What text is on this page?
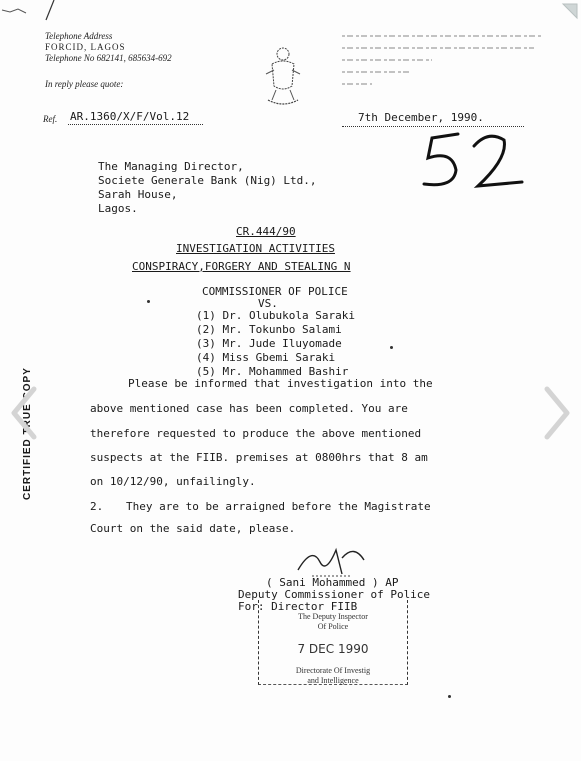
Telephone Address
FORCID, LAGOS
Telephone No 682141, 685634-692
In reply please quote:
Ref. AR.1360/X/F/Vol.12	7th December, 1990.
The Managing Director,
Societe Generale Bank (Nig) Ltd.,
Sarah House,
Lagos.
CR.444/90
INVESTIGATION ACTIVITIES
CONSPIRACY,FORGERY AND STEALING N
COMMISSIONER OF POLICE
VS.
(1) Dr. Olubukola Saraki
(2) Mr. Tokunbo Salami
(3) Mr. Jude Iluyomade
(4) Miss Gbemi Saraki
(5) Mr. Mohammed Bashir
Please be informed that investigation into the
above mentioned case has been completed. You are
therefore requested to produce the above mentioned
suspects at the FIIB. premises at 0800hrs that 8 am
on 10/12/90, unfailingly.
2. They are to be arraigned before the Magistrate
Court on the said date, please.
( Sani Mohammed ) AP
Deputy Commissioner of Police
For: Director FIIB
The Deputy Inspector
Of Police
7 DEC 1990
Directorate Of Investig
and Intelligence
CERTIFIED TRUE COPY
